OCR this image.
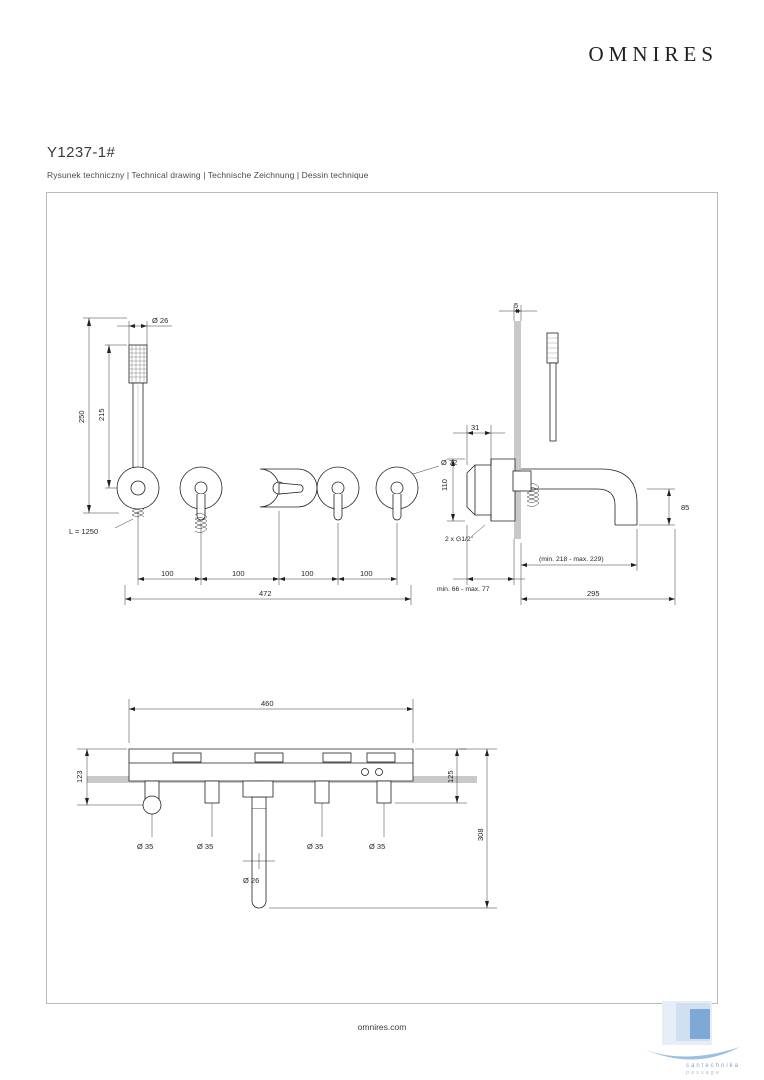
OMNIRES
Y1237-1#
Rysunek techniczny | Technical drawing | Technische Zeichnung | Dessin technique
Ø 26
215
250
L = 1250
Ø 72
100	100	100	100
472
5
31
110
85
2 x G1/2"
min. 66 - max. 77
(min. 218 - max. 229)
295
460
123	125
308
Ø 35	Ø 35	Ø 35	Ø 35
Ø 26
omnires.com
santechnika
passage
